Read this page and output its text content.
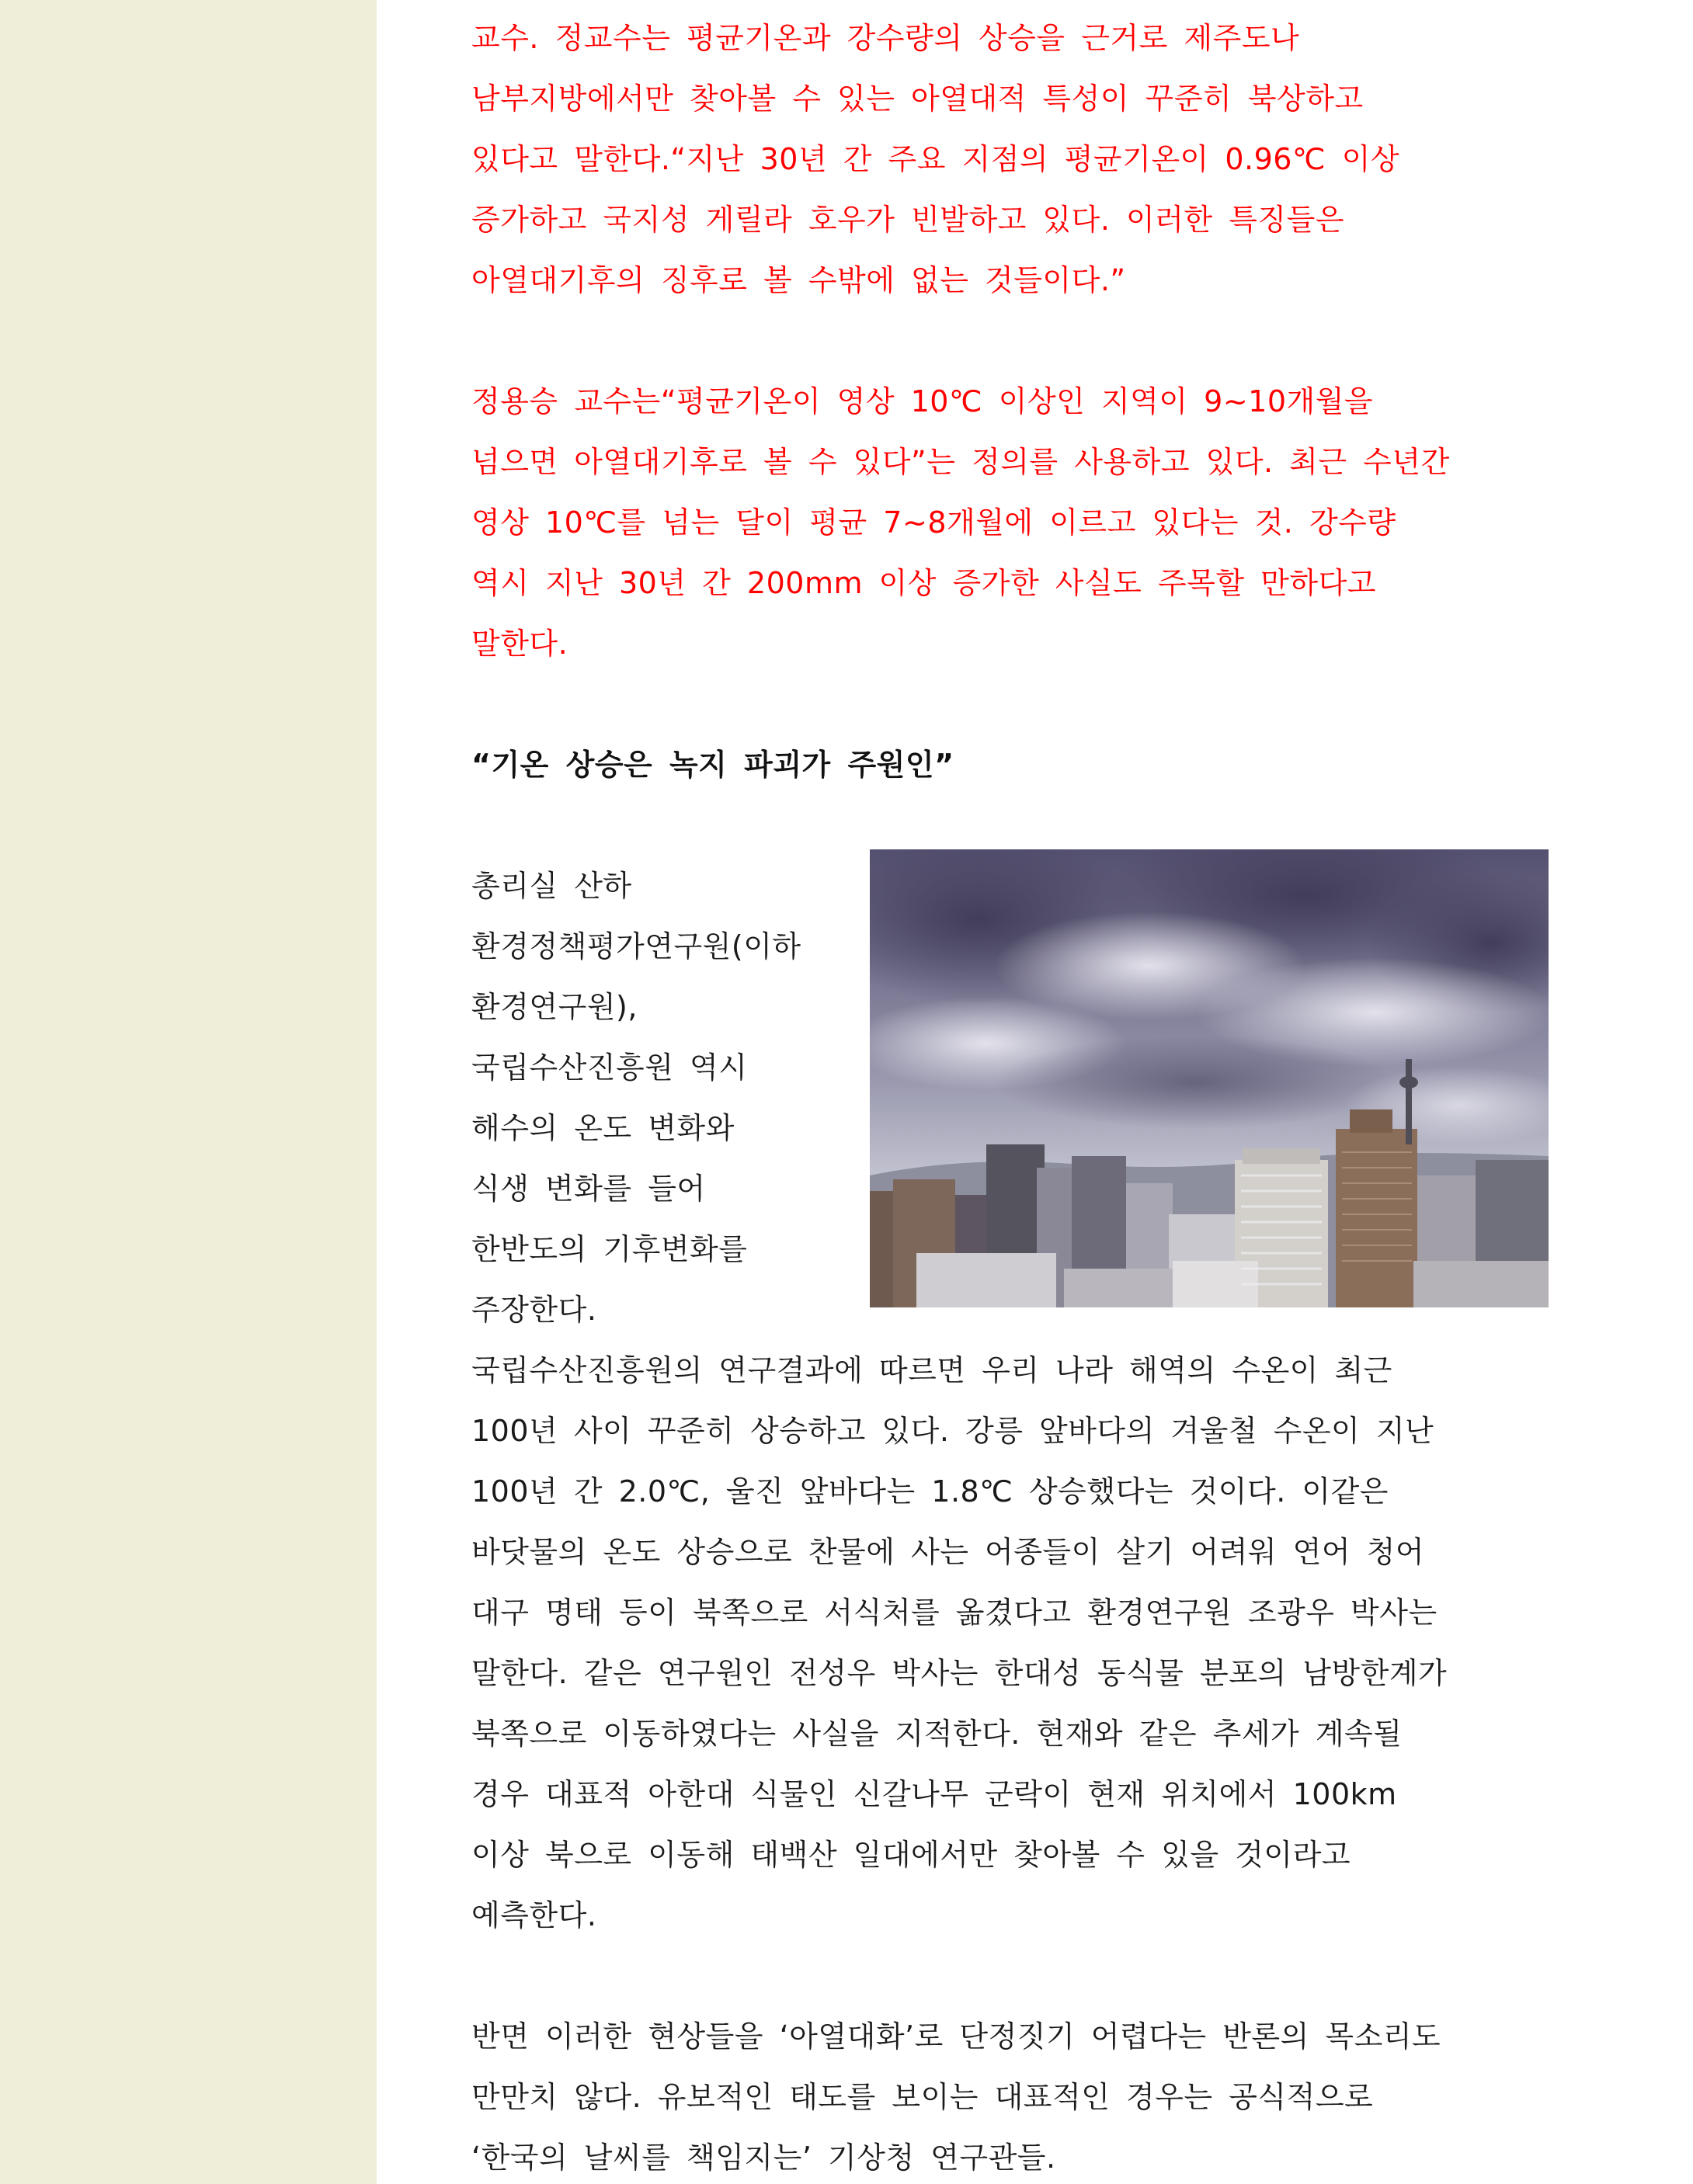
교수. 정교수는 평균기온과 강수량의 상승을 근거로 제주도나
남부지방에서만 찾아볼 수 있는 아열대적 특성이 꾸준히 북상하고
있다고 말한다.“지난 30년 간 주요 지점의 평균기온이 0.96℃ 이상
증가하고 국지성 게릴라 호우가 빈발하고 있다. 이러한 특징들은
아열대기후의 징후로 볼 수밖에 없는 것들이다.”
정용승 교수는“평균기온이 영상 10℃ 이상인 지역이 9~10개월을
넘으면 아열대기후로 볼 수 있다”는 정의를 사용하고 있다. 최근 수년간
영상 10℃를 넘는 달이 평균 7~8개월에 이르고 있다는 것. 강수량
역시 지난 30년 간 200mm 이상 증가한 사실도 주목할 만하다고
말한다.
“기온 상승은 녹지 파괴가 주원인”
총리실 산하
환경정책평가연구원(이하
환경연구원),
국립수산진흥원 역시
해수의 온도 변화와
식생 변화를 들어
한반도의 기후변화를
주장한다.
국립수산진흥원의 연구결과에 따르면 우리 나라 해역의 수온이 최근
100년 사이 꾸준히 상승하고 있다. 강릉 앞바다의 겨울철 수온이 지난
100년 간 2.0℃, 울진 앞바다는 1.8℃ 상승했다는 것이다. 이같은
바닷물의 온도 상승으로 찬물에 사는 어종들이 살기 어려워 연어 청어
대구 명태 등이 북쪽으로 서식처를 옮겼다고 환경연구원 조광우 박사는
말한다. 같은 연구원인 전성우 박사는 한대성 동식물 분포의 남방한계가
북쪽으로 이동하였다는 사실을 지적한다. 현재와 같은 추세가 계속될
경우 대표적 아한대 식물인 신갈나무 군락이 현재 위치에서 100km
이상 북으로 이동해 태백산 일대에서만 찾아볼 수 있을 것이라고
예측한다.
반면 이러한 현상들을 ‘아열대화’로 단정짓기 어렵다는 반론의 목소리도
만만치 않다. 유보적인 태도를 보이는 대표적인 경우는 공식적으로
‘한국의 날씨를 책임지는’ 기상청 연구관들.
